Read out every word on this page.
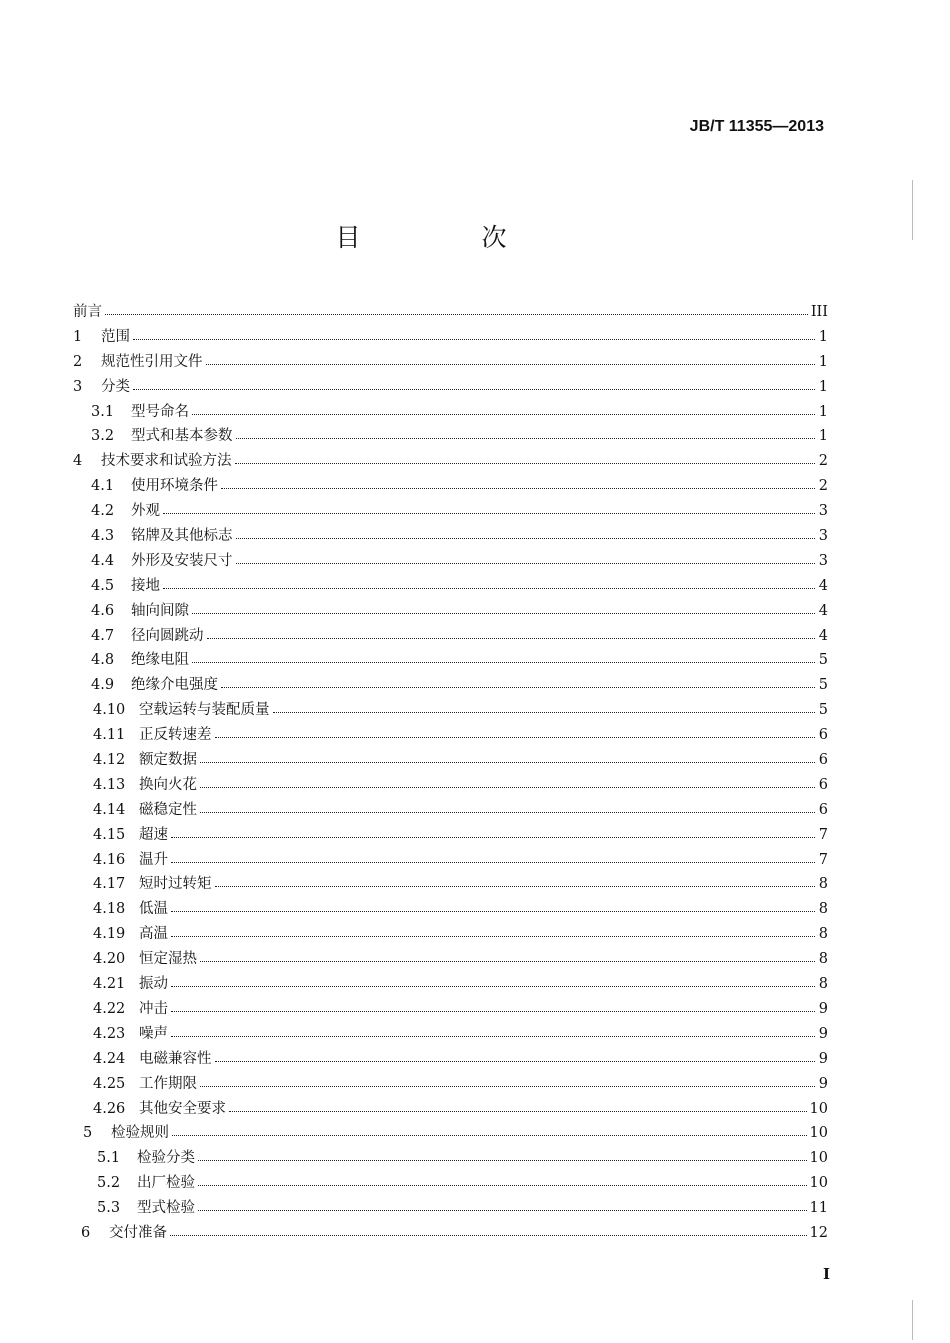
JB/T 11355—2013
目　次
前言	III
1	范围	1
2	规范性引用文件	1
3	分类	1
3.1	型号命名	1
3.2	型式和基本参数	1
4	技术要求和试验方法	2
4.1	使用环境条件	2
4.2	外观	3
4.3	铭牌及其他标志	3
4.4	外形及安装尺寸	3
4.5	接地	4
4.6	轴向间隙	4
4.7	径向圆跳动	4
4.8	绝缘电阻	5
4.9	绝缘介电强度	5
4.10 空载运转与装配质量	5
4.11 正反转速差	6
4.12 额定数据	6
4.13 换向火花	6
4.14 磁稳定性	6
4.15 超速	7
4.16 温升	7
4.17 短时过转矩	8
4.18 低温	8
4.19 高温	8
4.20 恒定湿热	8
4.21 振动	8
4.22 冲击	9
4.23 噪声	9
4.24 电磁兼容性	9
4.25 工作期限	9
4.26 其他安全要求	10
5	检验规则	10
5.1	检验分类	10
5.2	出厂检验	10
5.3	型式检验	11
6	交付准备	12
I
